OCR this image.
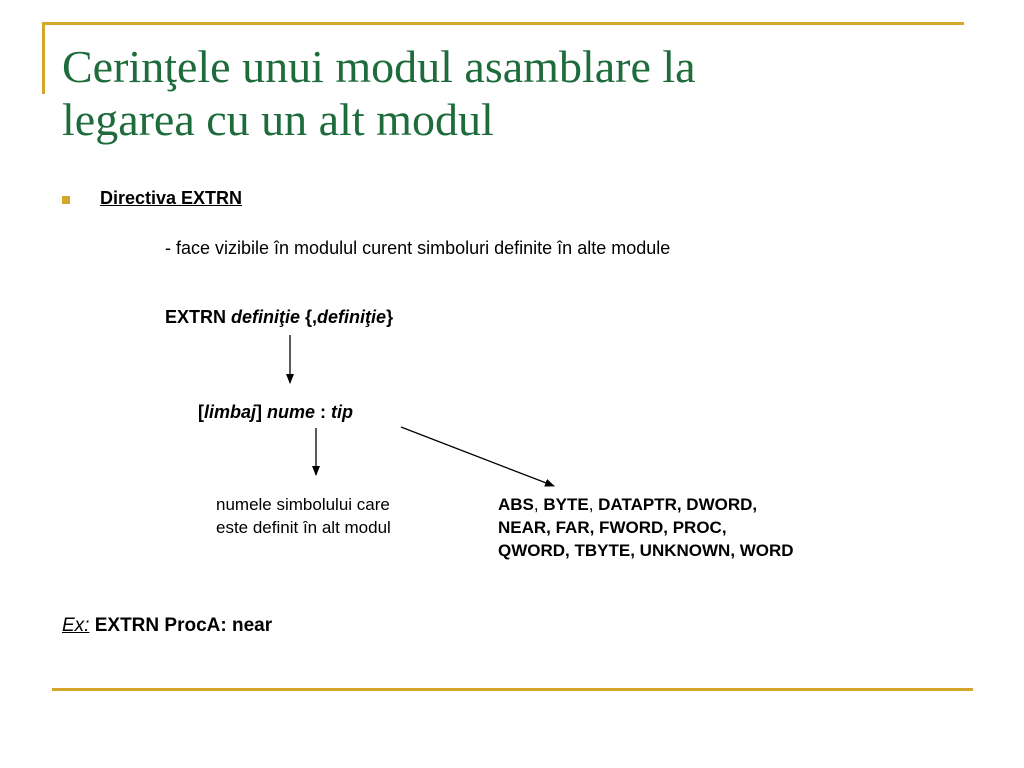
Cerinţele unui modul asamblare la
legarea cu un alt modul
Directiva EXTRN
- face vizibile în modulul curent simboluri definite în alte module
EXTRN definiţie {,definiţie}
[limbaj] nume : tip
numele simbolului care
este definit în alt modul
ABS, BYTE, DATAPTR, DWORD,
NEAR, FAR, FWORD, PROC,
QWORD, TBYTE, UNKNOWN, WORD
Ex: EXTRN ProcA: near
